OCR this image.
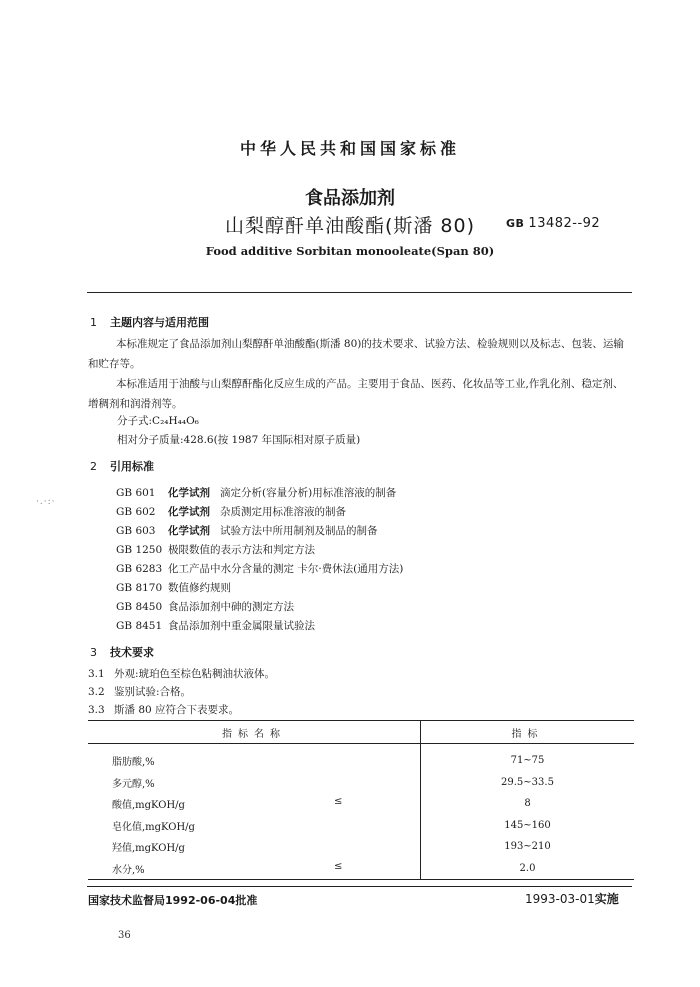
中华人民共和国国家标准
食品添加剂
山梨醇酐单油酸酯(斯潘 80)	GB 13482--92
Food additive Sorbitan monooleate(Span 80)
·.·:·
1 主题内容与适用范围
本标准规定了食品添加剂山梨醇酐单油酸酯(斯潘 80)的技术要求、试验方法、检验规则以及标志、包装、运输和贮存等。
本标准适用于油酸与山梨醇酐酯化反应生成的产品。主要用于食品、医药、化妆品等工业,作乳化剂、稳定剂、增稠剂和润滑剂等。
分子式:C₂₄H₄₄O₆
相对分子质量:428.6(按 1987 年国际相对原子质量)
2 引用标准
GB 601 化学试剂 滴定分析(容量分析)用标准溶液的制备
GB 602 化学试剂 杂质测定用标准溶液的制备
GB 603 化学试剂 试验方法中所用制剂及制品的制备
GB 1250 极限数值的表示方法和判定方法
GB 6283 化工产品中水分含量的测定 卡尔·费休法(通用方法)
GB 8170 数值修约规则
GB 8450 食品添加剂中砷的测定方法
GB 8451 食品添加剂中重金属限量试验法
3 技术要求
3.1 外观:琥珀色至棕色粘稠油状液体。
3.2 鉴别试验:合格。
3.3 斯潘 80 应符合下表要求。
指标名称	指标
脂肪酸,%	71~75
多元醇,%	29.5~33.5
酸值,mgKOH/g ≤	8
皂化值,mgKOH/g	145~160
羟值,mgKOH/g	193~210
水分,% ≤	2.0
国家技术监督局1992-06-04批准	1993-03-01实施
36
